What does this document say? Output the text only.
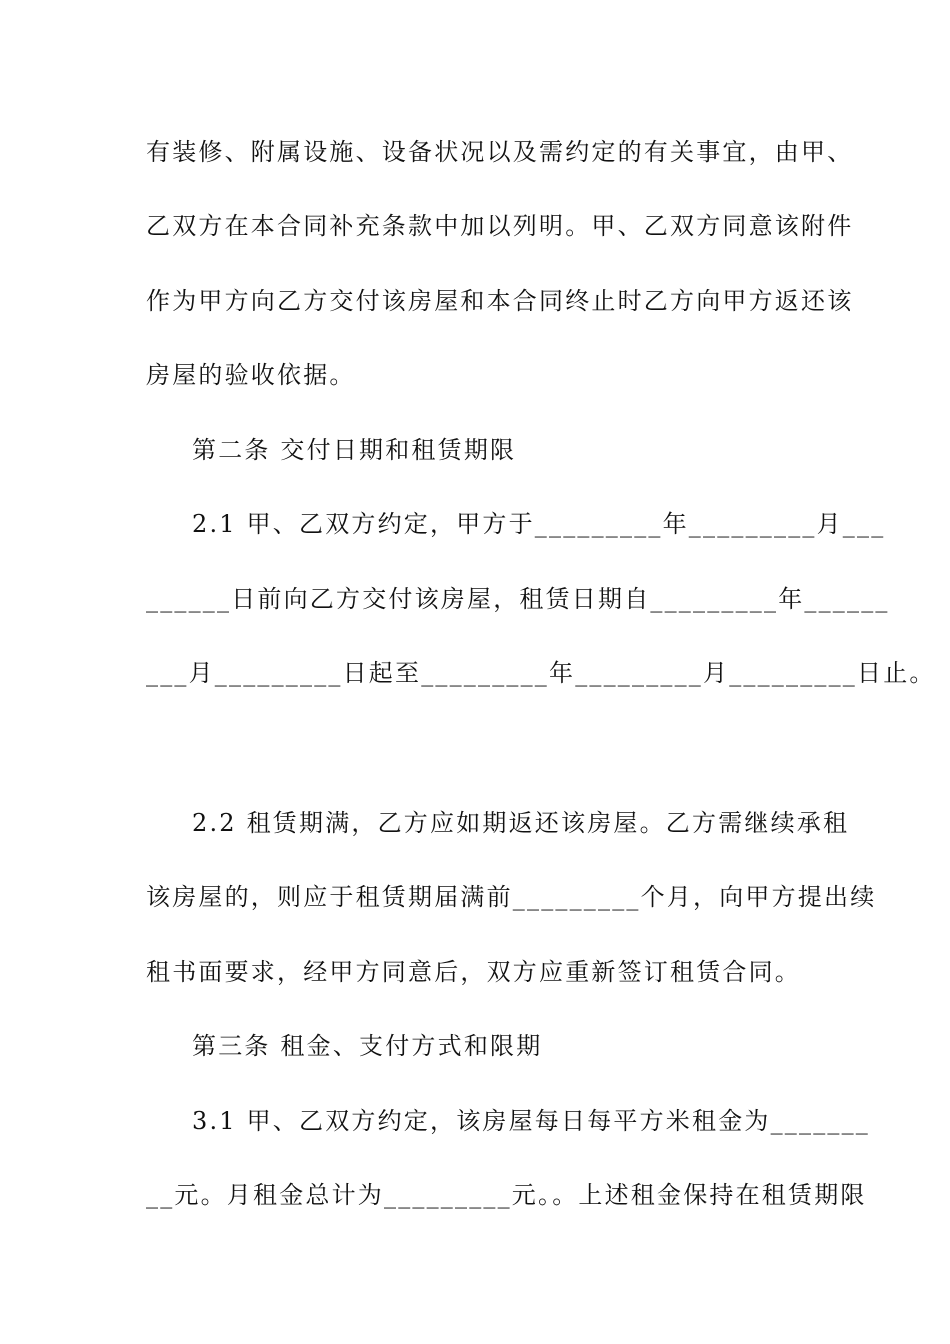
有装修、附属设施、设备状况以及需约定的有关事宜，由甲、
乙双方在本合同补充条款中加以列明。甲、乙双方同意该附件
作为甲方向乙方交付该房屋和本合同终止时乙方向甲方返还该
房屋的验收依据。
第二条 交付日期和租赁期限
2.1 甲、乙双方约定，甲方于_________年_________月___
______日前向乙方交付该房屋，租赁日期自_________年______
___月_________日起至_________年_________月_________日止。
2.2 租赁期满，乙方应如期返还该房屋。乙方需继续承租
该房屋的，则应于租赁期届满前_________个月，向甲方提出续
租书面要求，经甲方同意后，双方应重新签订租赁合同。
第三条 租金、支付方式和限期
3.1 甲、乙双方约定，该房屋每日每平方米租金为_______
__元。月租金总计为_________元。。上述租金保持在租赁期限
